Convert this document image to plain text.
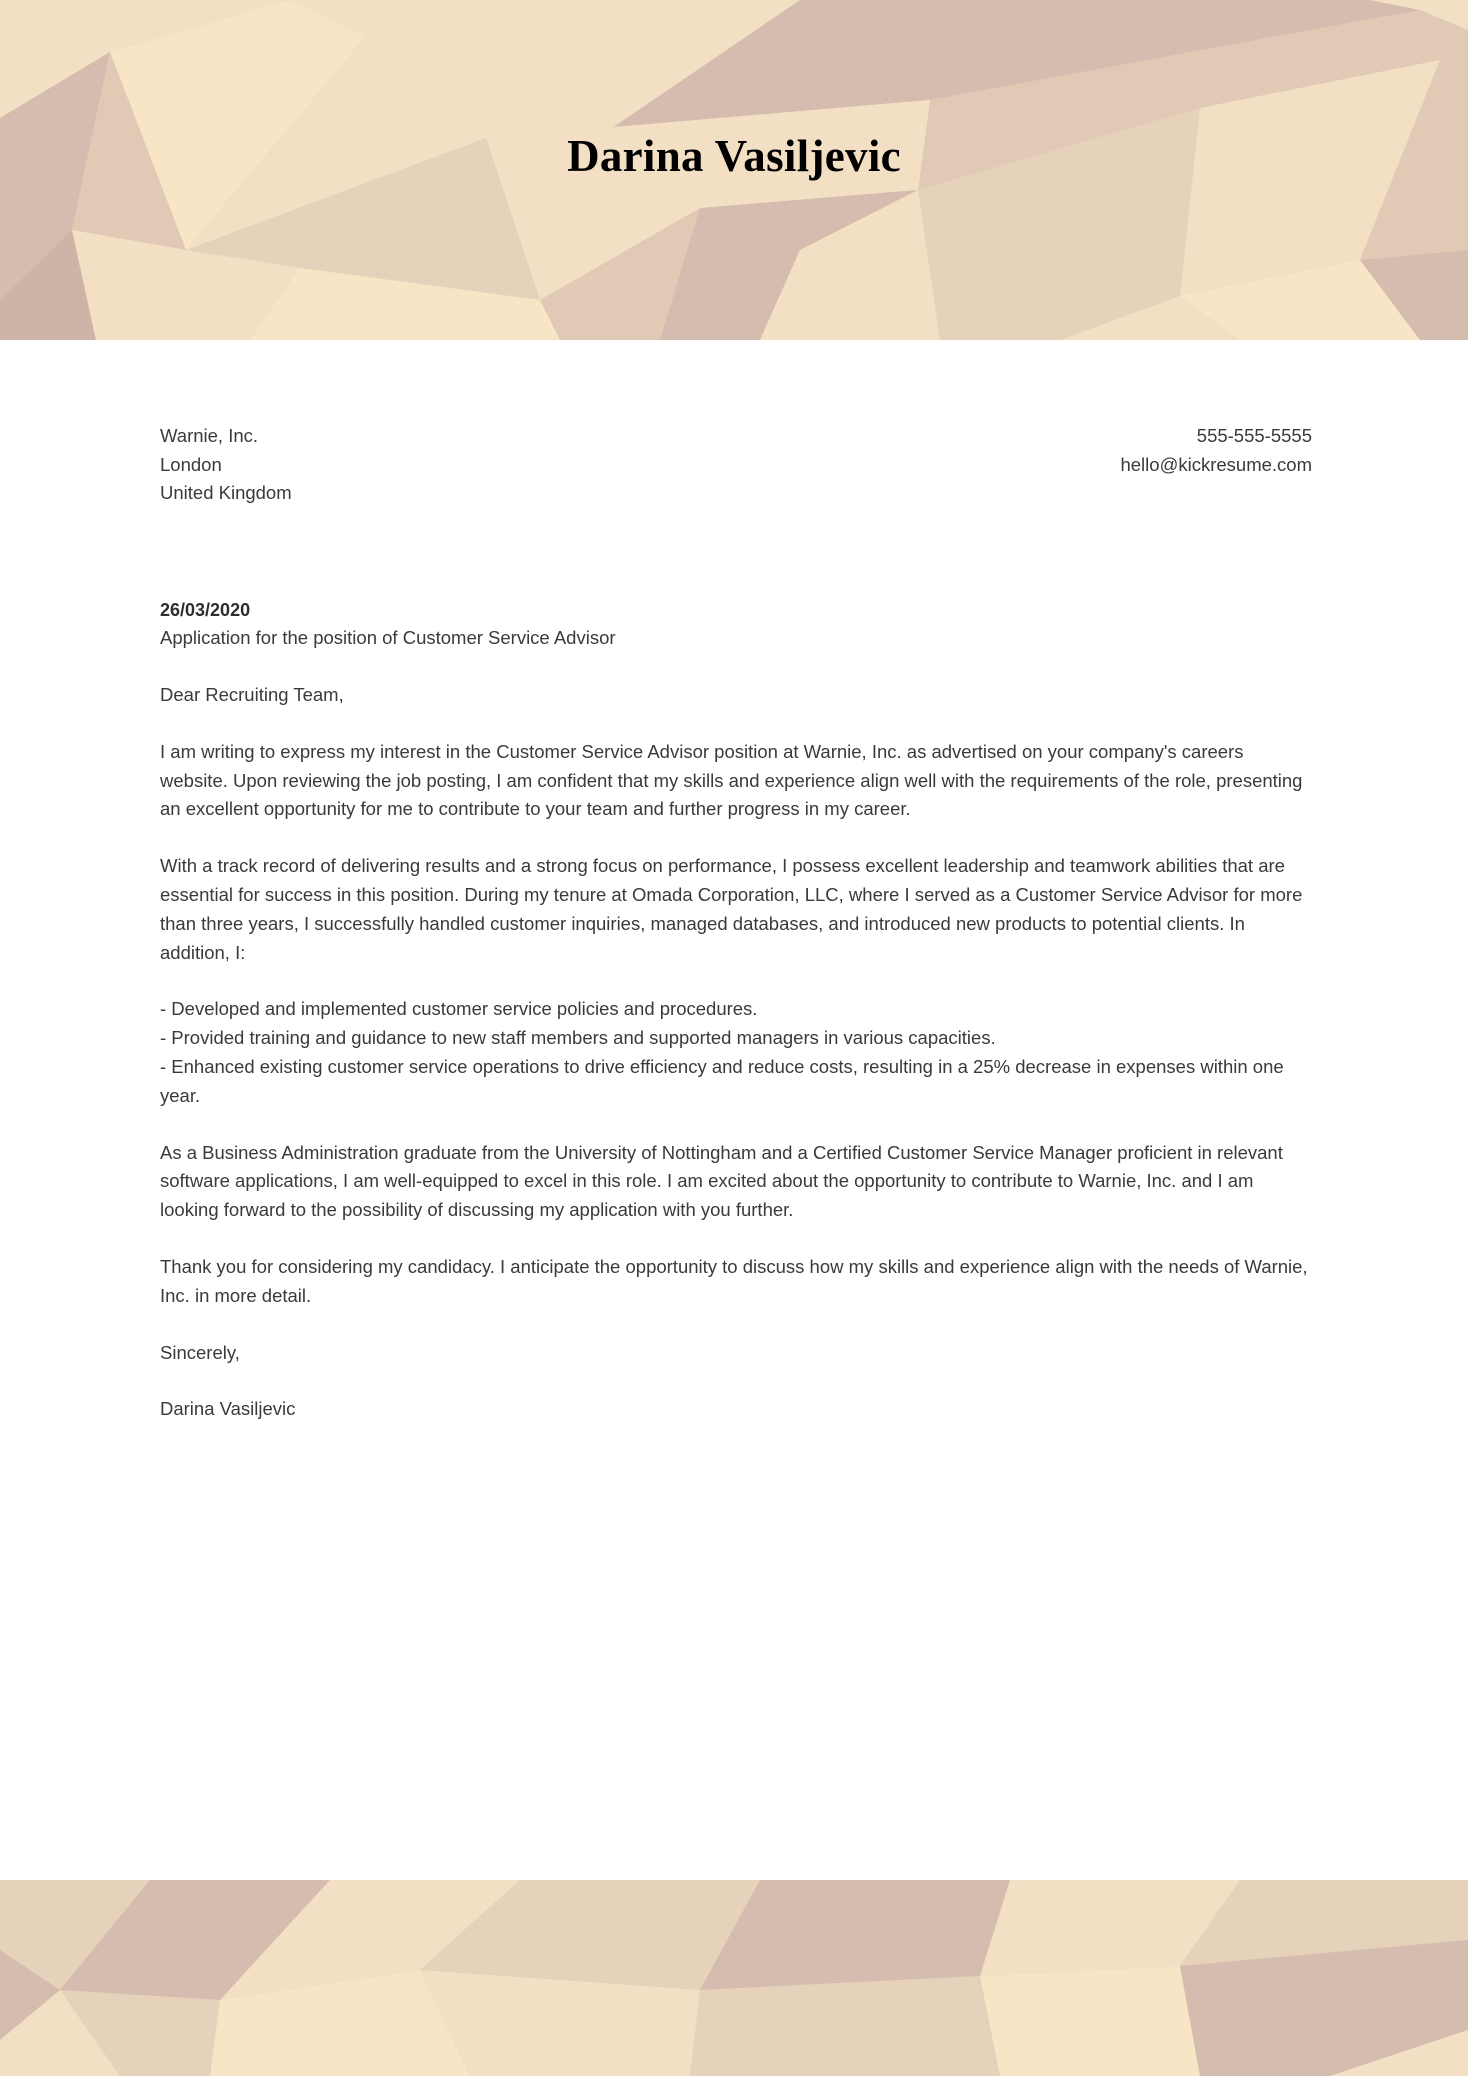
Darina Vasiljevic
Warnie, Inc.
London
United Kingdom
555-555-5555
hello@kickresume.com

26/03/2020

Application for the position of Customer Service Advisor

Dear Recruiting Team,

I am writing to express my interest in the Customer Service Advisor position at Warnie, Inc. as advertised on your company's careers website. Upon reviewing the job posting, I am confident that my skills and experience align well with the requirements of the role, presenting an excellent opportunity for me to contribute to your team and further progress in my career.

With a track record of delivering results and a strong focus on performance, I possess excellent leadership and teamwork abilities that are essential for success in this position. During my tenure at Omada Corporation, LLC, where I served as a Customer Service Advisor for more than three years, I successfully handled customer inquiries, managed databases, and introduced new products to potential clients. In addition, I:

- Developed and implemented customer service policies and procedures.
- Provided training and guidance to new staff members and supported managers in various capacities.
- Enhanced existing customer service operations to drive efficiency and reduce costs, resulting in a 25% decrease in expenses within one year.

As a Business Administration graduate from the University of Nottingham and a Certified Customer Service Manager proficient in relevant software applications, I am well-equipped to excel in this role. I am excited about the opportunity to contribute to Warnie, Inc. and I am looking forward to the possibility of discussing my application with you further.

Thank you for considering my candidacy. I anticipate the opportunity to discuss how my skills and experience align with the needs of Warnie, Inc. in more detail.

Sincerely,

Darina Vasiljevic
